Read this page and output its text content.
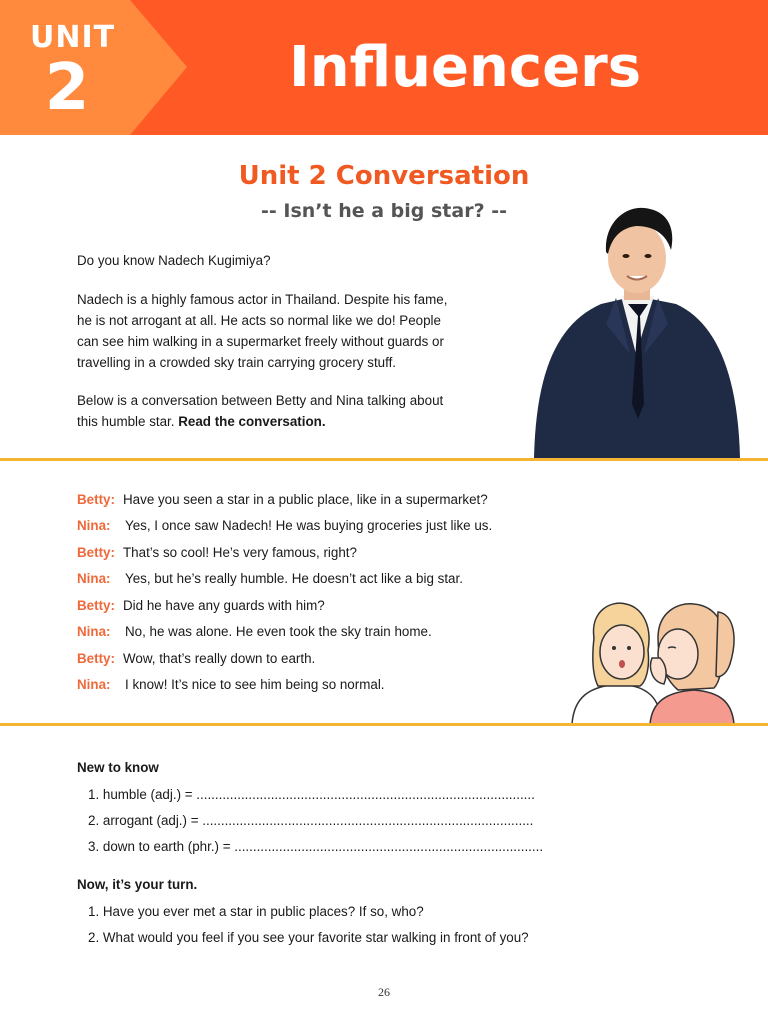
UNIT
2	Influencers
Unit 2 Conversation
-- Isn’t he a big star? --
Do you know Nadech Kugimiya?
Nadech is a highly famous actor in Thailand. Despite his fame,
he is not arrogant at all. He acts so normal like we do! People
can see him walking in a supermarket freely without guards or
travelling in a crowded sky train carrying grocery stuff.
Below is a conversation between Betty and Nina talking about
this humble star. Read the conversation.
Betty: Have you seen a star in a public place, like in a supermarket?
Nina: Yes, I once saw Nadech! He was buying groceries just like us.
Betty: That’s so cool! He’s very famous, right?
Nina: Yes, but he’s really humble. He doesn’t act like a big star.
Betty: Did he have any guards with him?
Nina: No, he was alone. He even took the sky train home.
Betty: Wow, that’s really down to earth.
Nina: I know! It’s nice to see him being so normal.
New to know
1. humble (adj.) = ...........................................................................................
2. arrogant (adj.) = .........................................................................................
3. down to earth (phr.) = ...................................................................................
Now, it’s your turn.
1. Have you ever met a star in public places? If so, who?
2. What would you feel if you see your favorite star walking in front of you?
26
